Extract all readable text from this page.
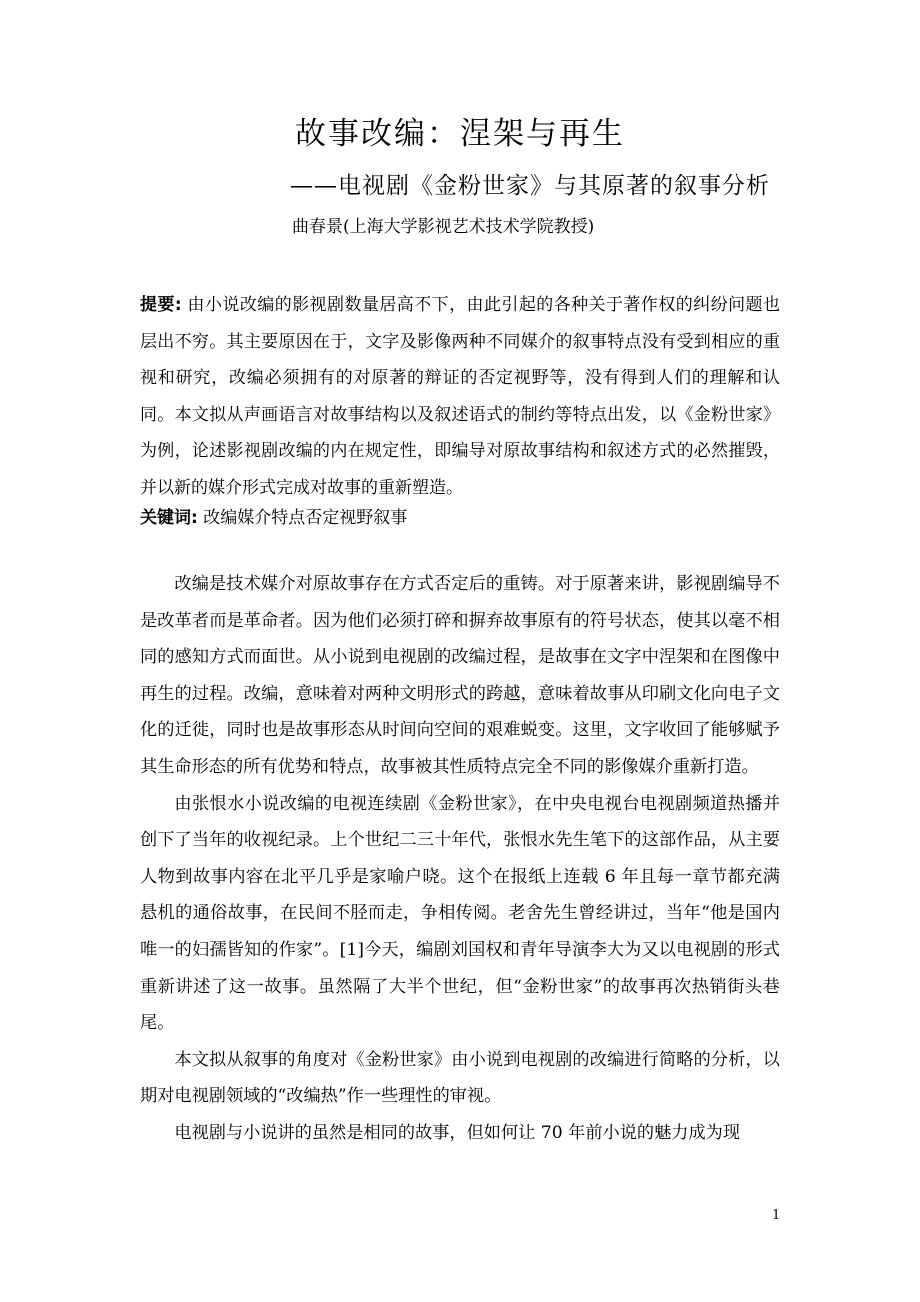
故事改编：涅架与再生
——电视剧《金粉世家》与其原著的叙事分析
曲春景(上海大学影视艺术技术学院教授)

提要: 由小说改编的影视剧数量居高不下，由此引起的各种关于著作权的纠纷问题也层出不穷。其主要原因在于，文字及影像两种不同媒介的叙事特点没有受到相应的重视和研究，改编必须拥有的对原著的辩证的否定视野等，没有得到人们的理解和认同。本文拟从声画语言对故事结构以及叙述语式的制约等特点出发，以《金粉世家》为例，论述影视剧改编的内在规定性，即编导对原故事结构和叙述方式的必然摧毁，并以新的媒介形式完成对故事的重新塑造。

关键词: 改编媒介特点否定视野叙事

改编是技术媒介对原故事存在方式否定后的重铸。对于原著来讲，影视剧编导不是改革者而是革命者。因为他们必须打碎和摒弃故事原有的符号状态，使其以毫不相同的感知方式而面世。从小说到电视剧的改编过程，是故事在文字中涅架和在图像中再生的过程。改编，意味着对两种文明形式的跨越，意味着故事从印刷文化向电子文化的迁徙，同时也是故事形态从时间向空间的艰难蜕变。这里，文字收回了能够赋予其生命形态的所有优势和特点，故事被其性质特点完全不同的影像媒介重新打造。

由张恨水小说改编的电视连续剧《金粉世家》，在中央电视台电视剧频道热播并创下了当年的收视纪录。上个世纪二三十年代，张恨水先生笔下的这部作品，从主要人物到故事内容在北平几乎是家喻户晓。这个在报纸上连载 6 年且每一章节都充满悬机的通俗故事，在民间不胫而走，争相传阅。老舍先生曾经讲过，当年“他是国内唯一的妇孺皆知的作家”。[1]今天，编剧刘国权和青年导演李大为又以电视剧的形式重新讲述了这一故事。虽然隔了大半个世纪，但“金粉世家”的故事再次热销街头巷尾。

本文拟从叙事的角度对《金粉世家》由小说到电视剧的改编进行简略的分析，以期对电视剧领域的“改编热”作一些理性的审视。

电视剧与小说讲的虽然是相同的故事，但如何让 70 年前小说的魅力成为现

1
